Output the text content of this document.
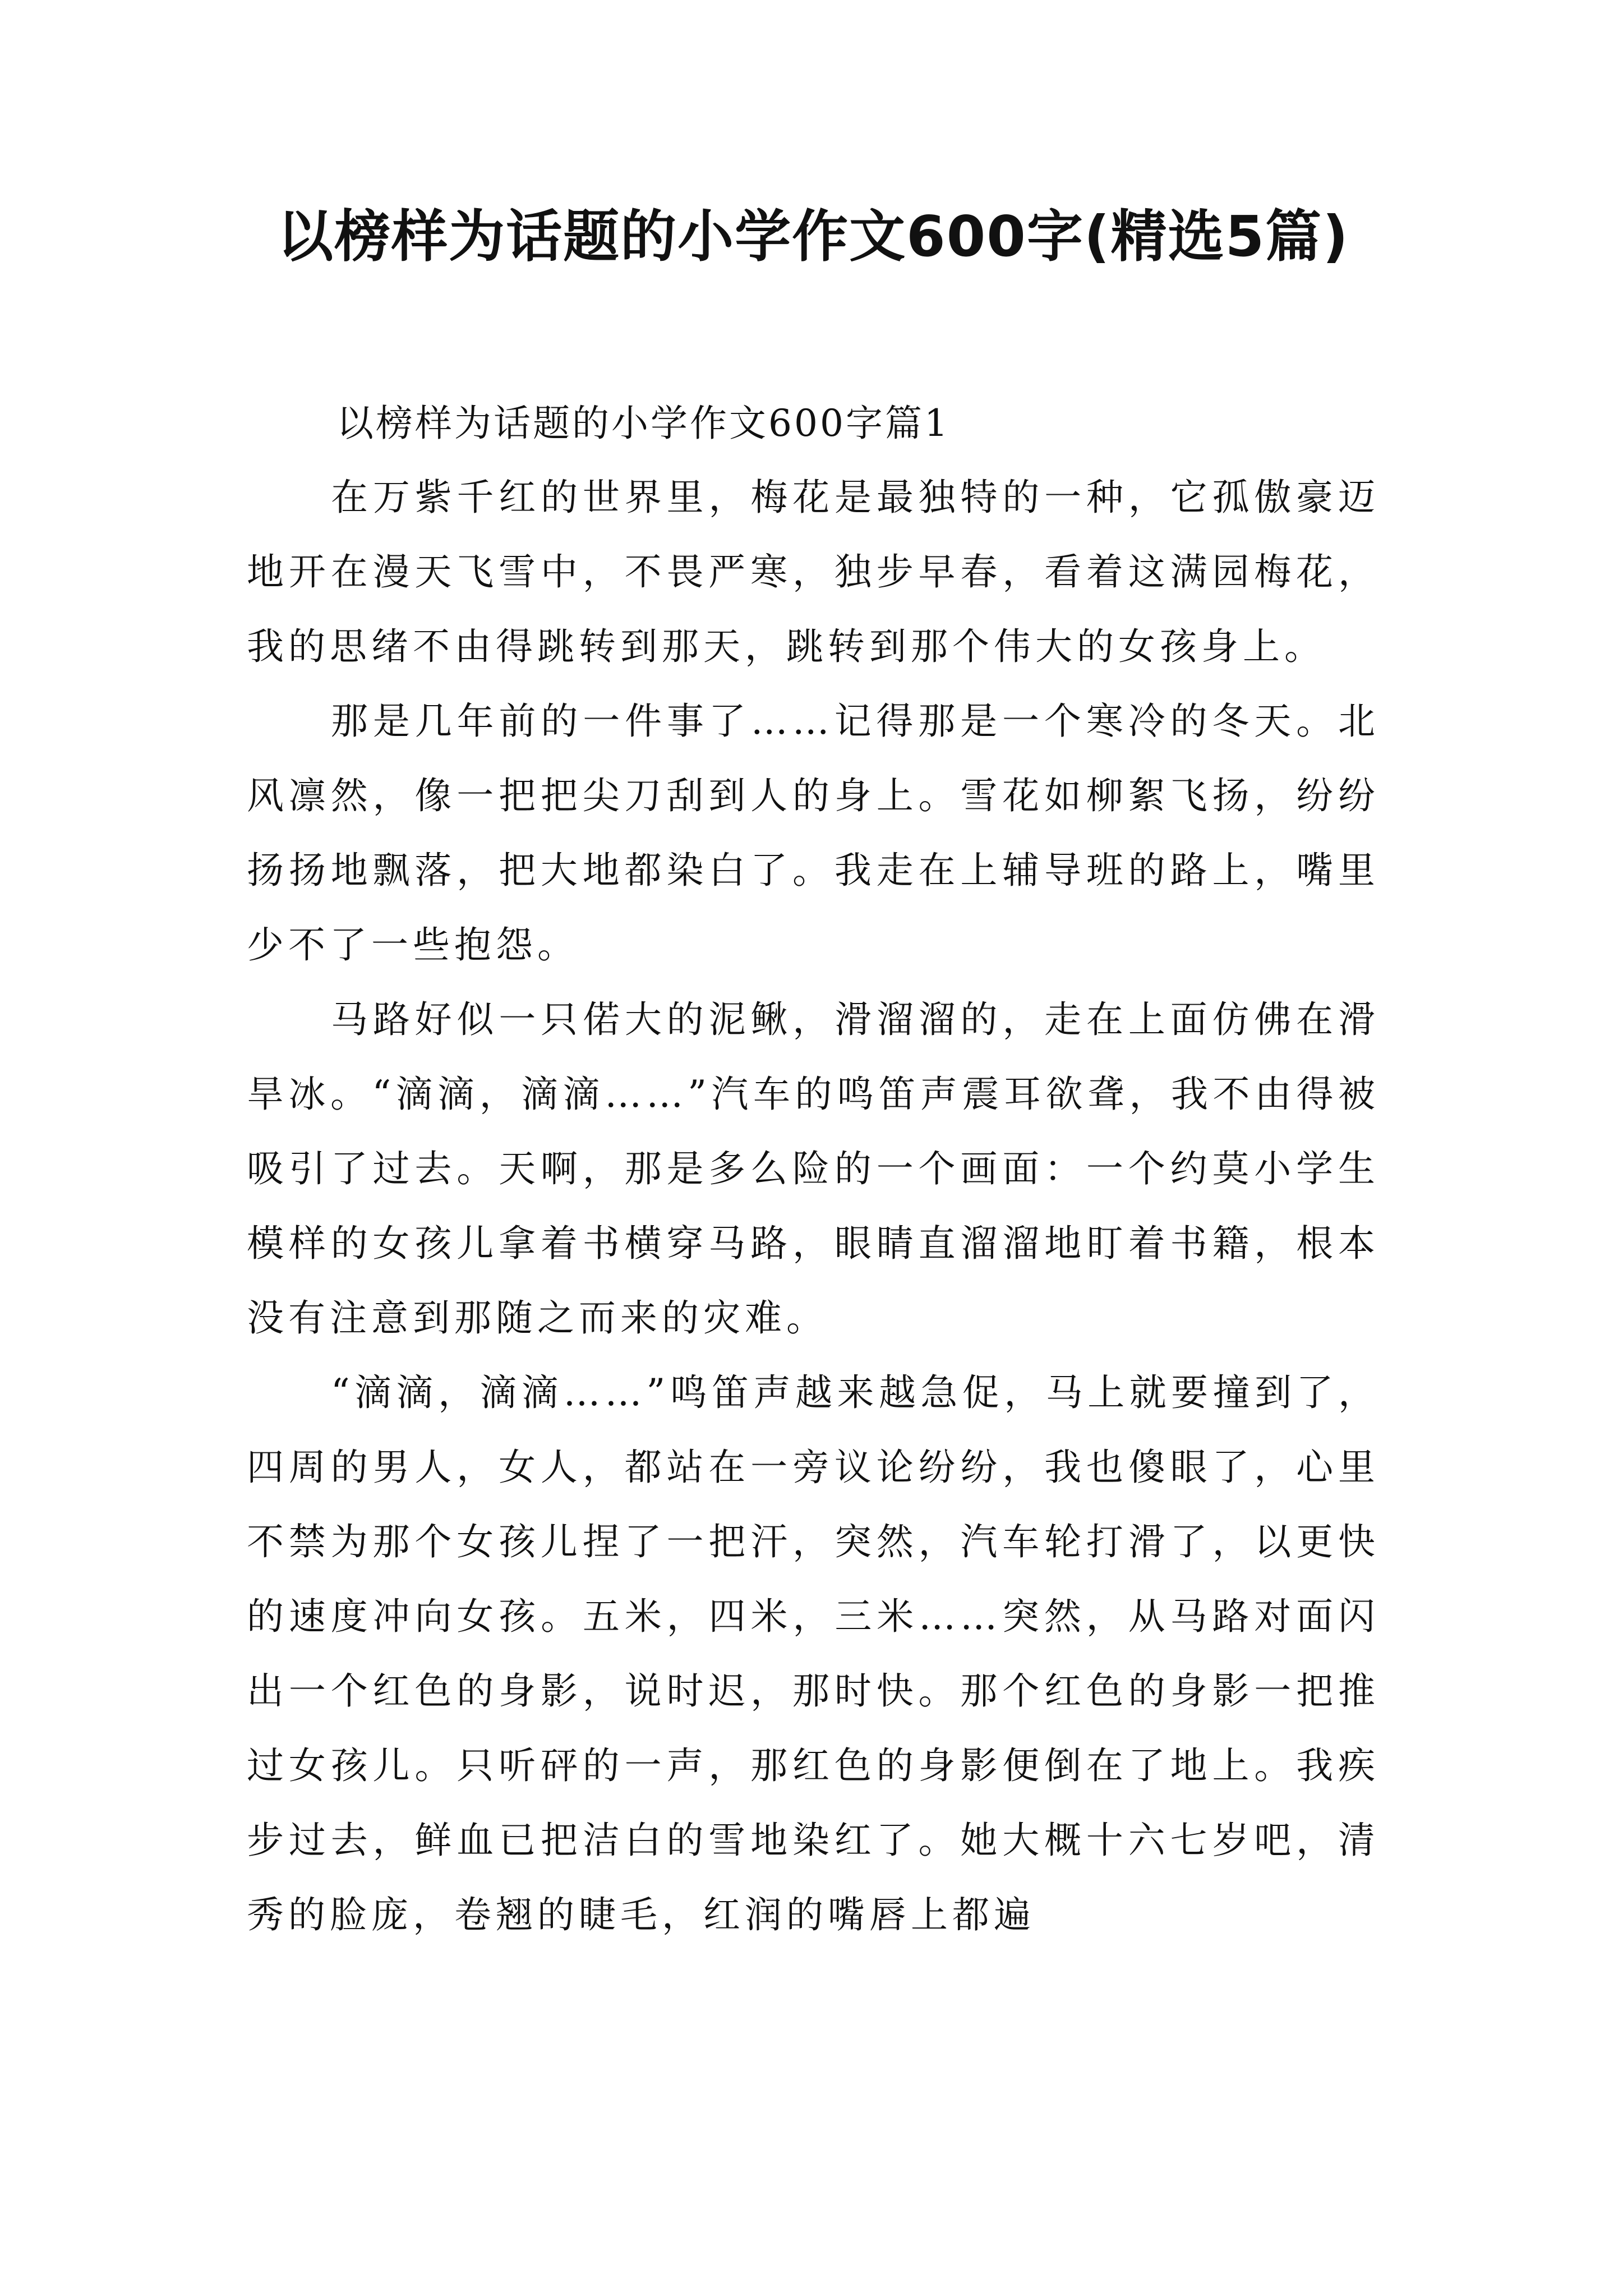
以榜样为话题的小学作文600字(精选5篇)
以榜样为话题的小学作文600字篇1

在万紫千红的世界里，梅花是最独特的一种，它孤傲豪迈地开在漫天飞雪中，不畏严寒，独步早春，看着这满园梅花，我的思绪不由得跳转到那天，跳转到那个伟大的女孩身上。

那是几年前的一件事了……记得那是一个寒冷的冬天。北风凛然，像一把把尖刀刮到人的身上。雪花如柳絮飞扬，纷纷扬扬地飘落，把大地都染白了。我走在上辅导班的路上，嘴里少不了一些抱怨。

马路好似一只偌大的泥鳅，滑溜溜的，走在上面仿佛在滑旱冰。“滴滴，滴滴……”汽车的鸣笛声震耳欲聋，我不由得被吸引了过去。天啊，那是多么险的一个画面：一个约莫小学生模样的女孩儿拿着书横穿马路，眼睛直溜溜地盯着书籍，根本没有注意到那随之而来的灾难。

“滴滴，滴滴……”鸣笛声越来越急促，马上就要撞到了，四周的男人，女人，都站在一旁议论纷纷，我也傻眼了，心里不禁为那个女孩儿捏了一把汗，突然，汽车轮打滑了，以更快的速度冲向女孩。五米，四米，三米……突然，从马路对面闪出一个红色的身影，说时迟，那时快。那个红色的身影一把推过女孩儿。只听砰的一声，那红色的身影便倒在了地上。我疾步过去，鲜血已把洁白的雪地染红了。她大概十六七岁吧，清秀的脸庞，卷翘的睫毛，红润的嘴唇上都遍
